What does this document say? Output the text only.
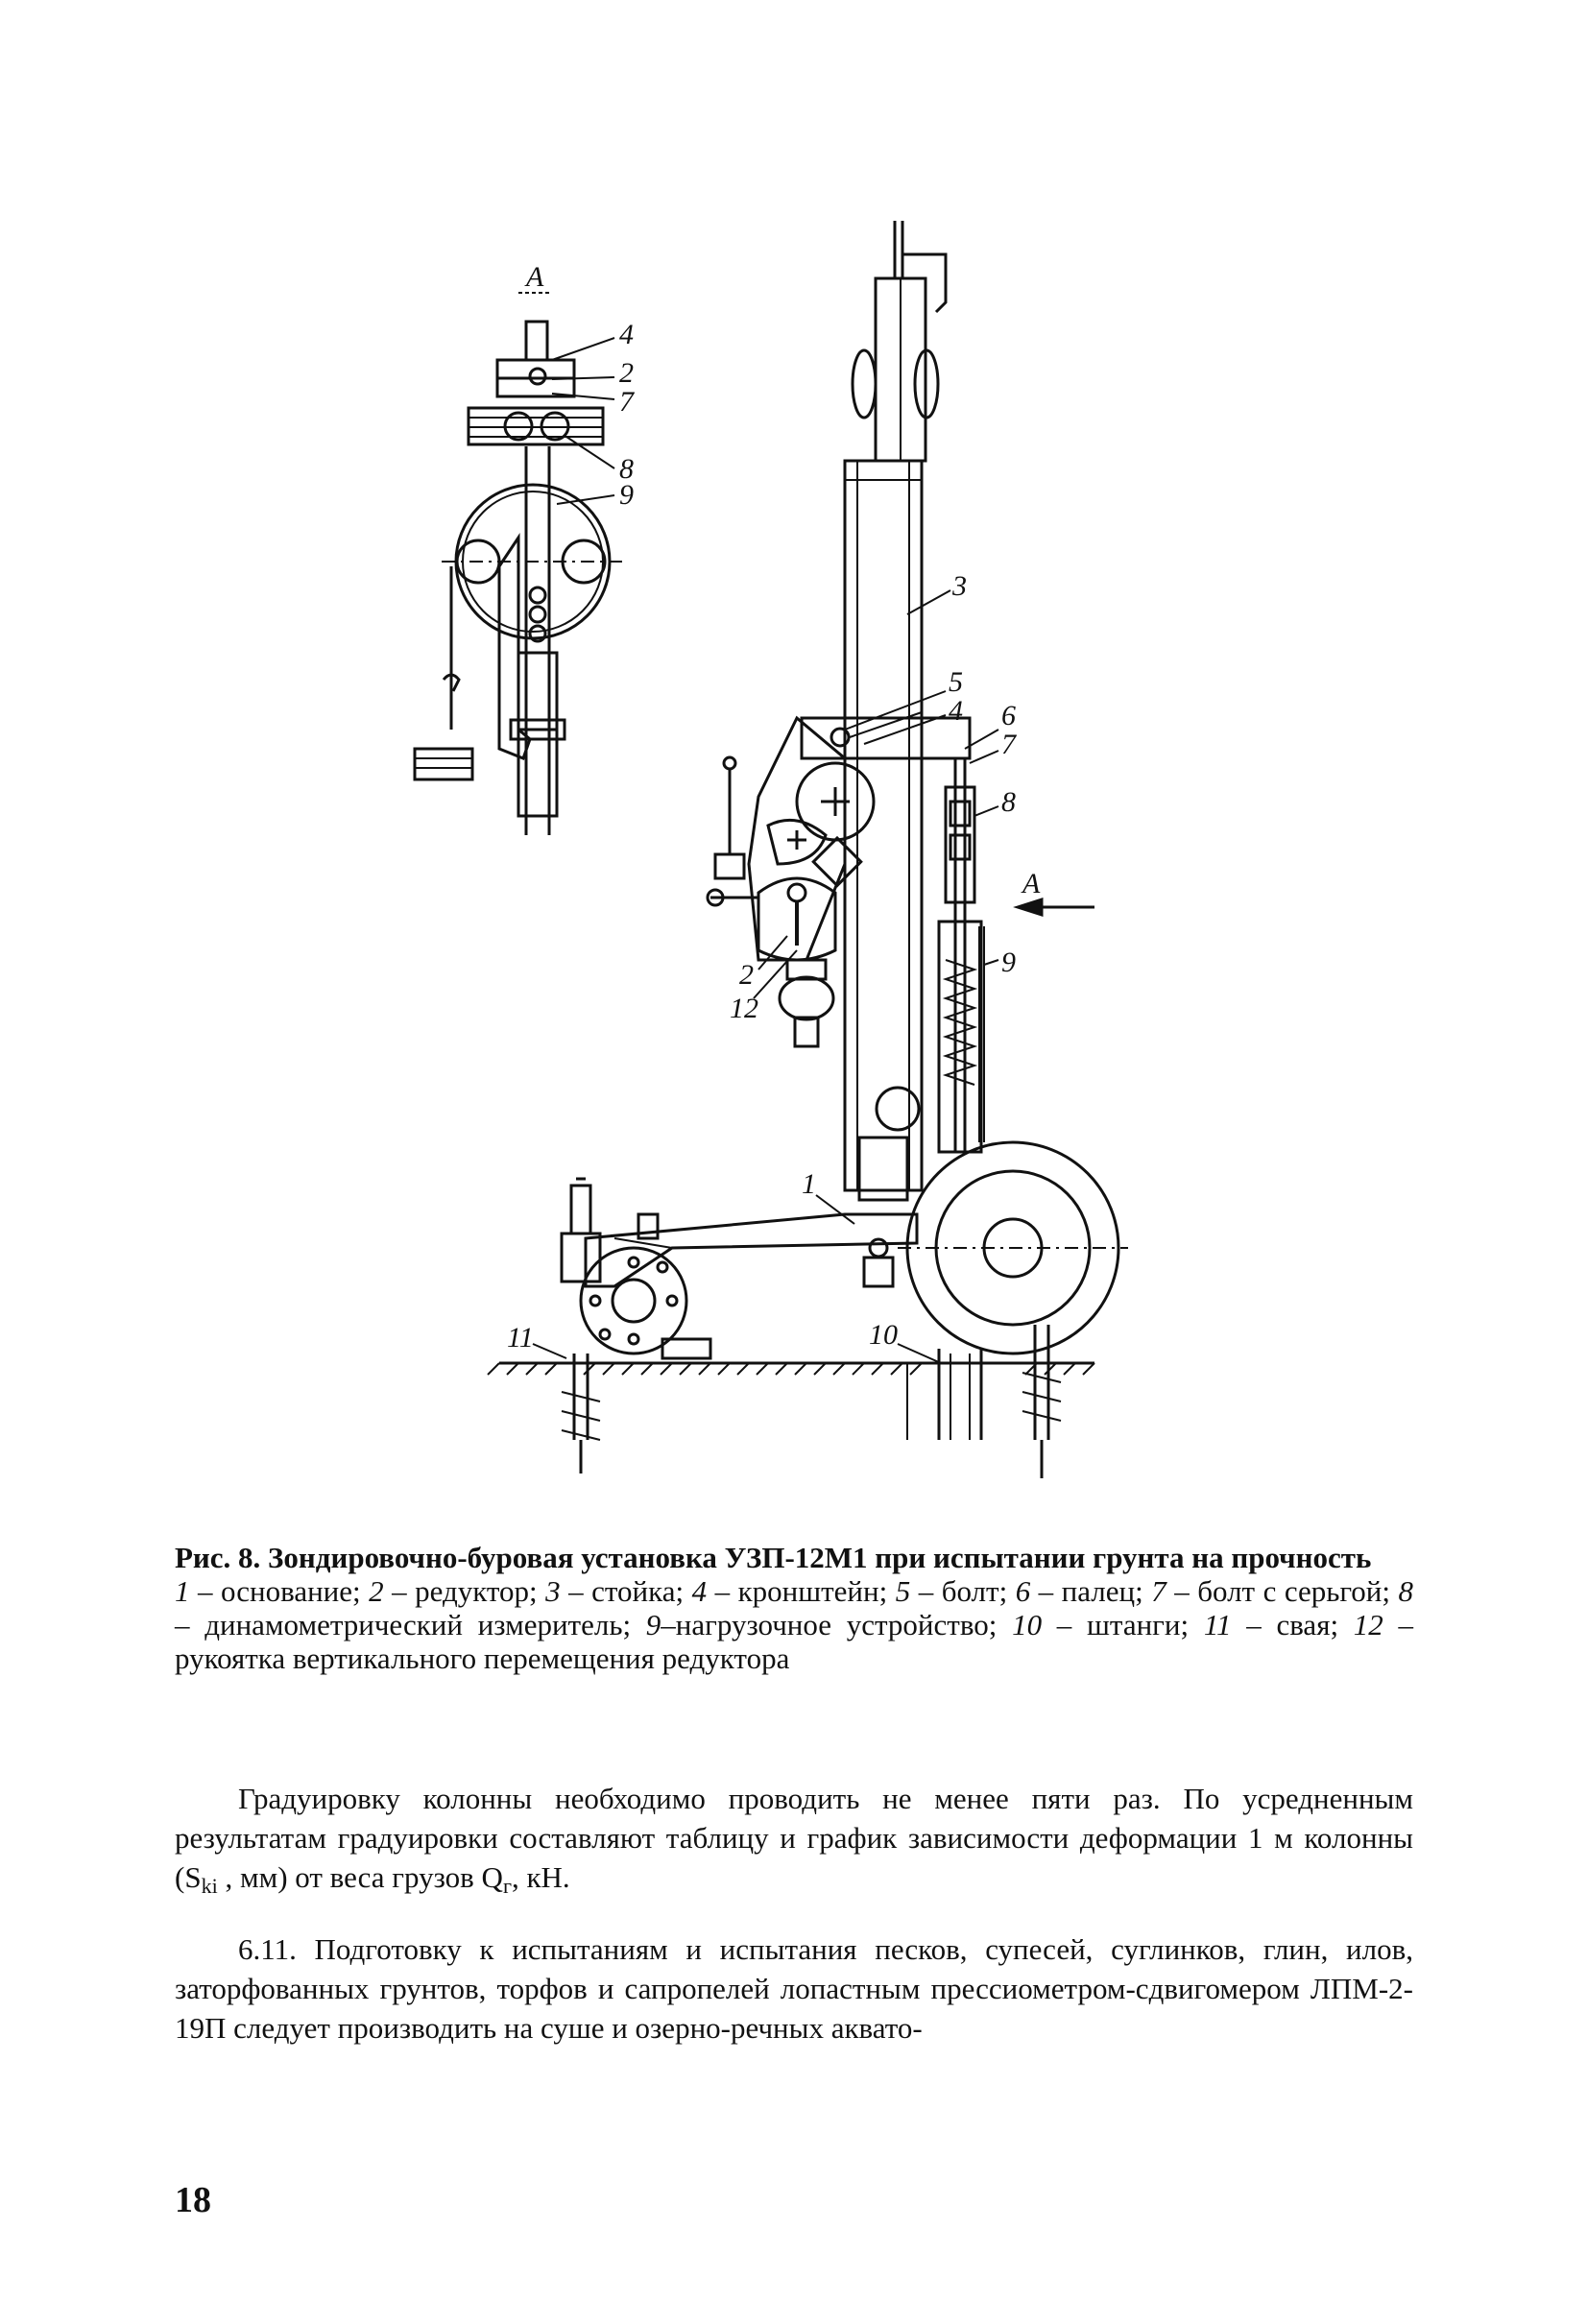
А
4
2
7
8
9
А
3
5
4 6
7
8
9
2
12
1
11	10
Рис. 8. Зондировочно-буровая установка УЗП-12М1 при испытании грунта на прочность
1 – основание; 2 – редуктор; 3 – стойка; 4 – кронштейн; 5 – болт; 6 – палец; 7 – болт с серьгой; 8 – динамометрический измеритель; 9–нагрузочное устройство; 10 – штанги; 11 – свая; 12 – рукоятка вертикального перемещения редуктора
Градуировку колонны необходимо проводить не менее пяти раз. По усредненным результатам градуировки составляют таблицу и график зависимости деформации 1 м колонны ($S_{ki}$ , мм) от веса грузов $Q_г$, кН.
6.11. Подготовку к испытаниям и испытания песков, супесей, суглинков, глин, илов, заторфованных грунтов, торфов и сапропелей лопастным прессиометром-сдвигомером ЛПМ-2-19П следует производить на суше и озерно-речных аквато-
18
